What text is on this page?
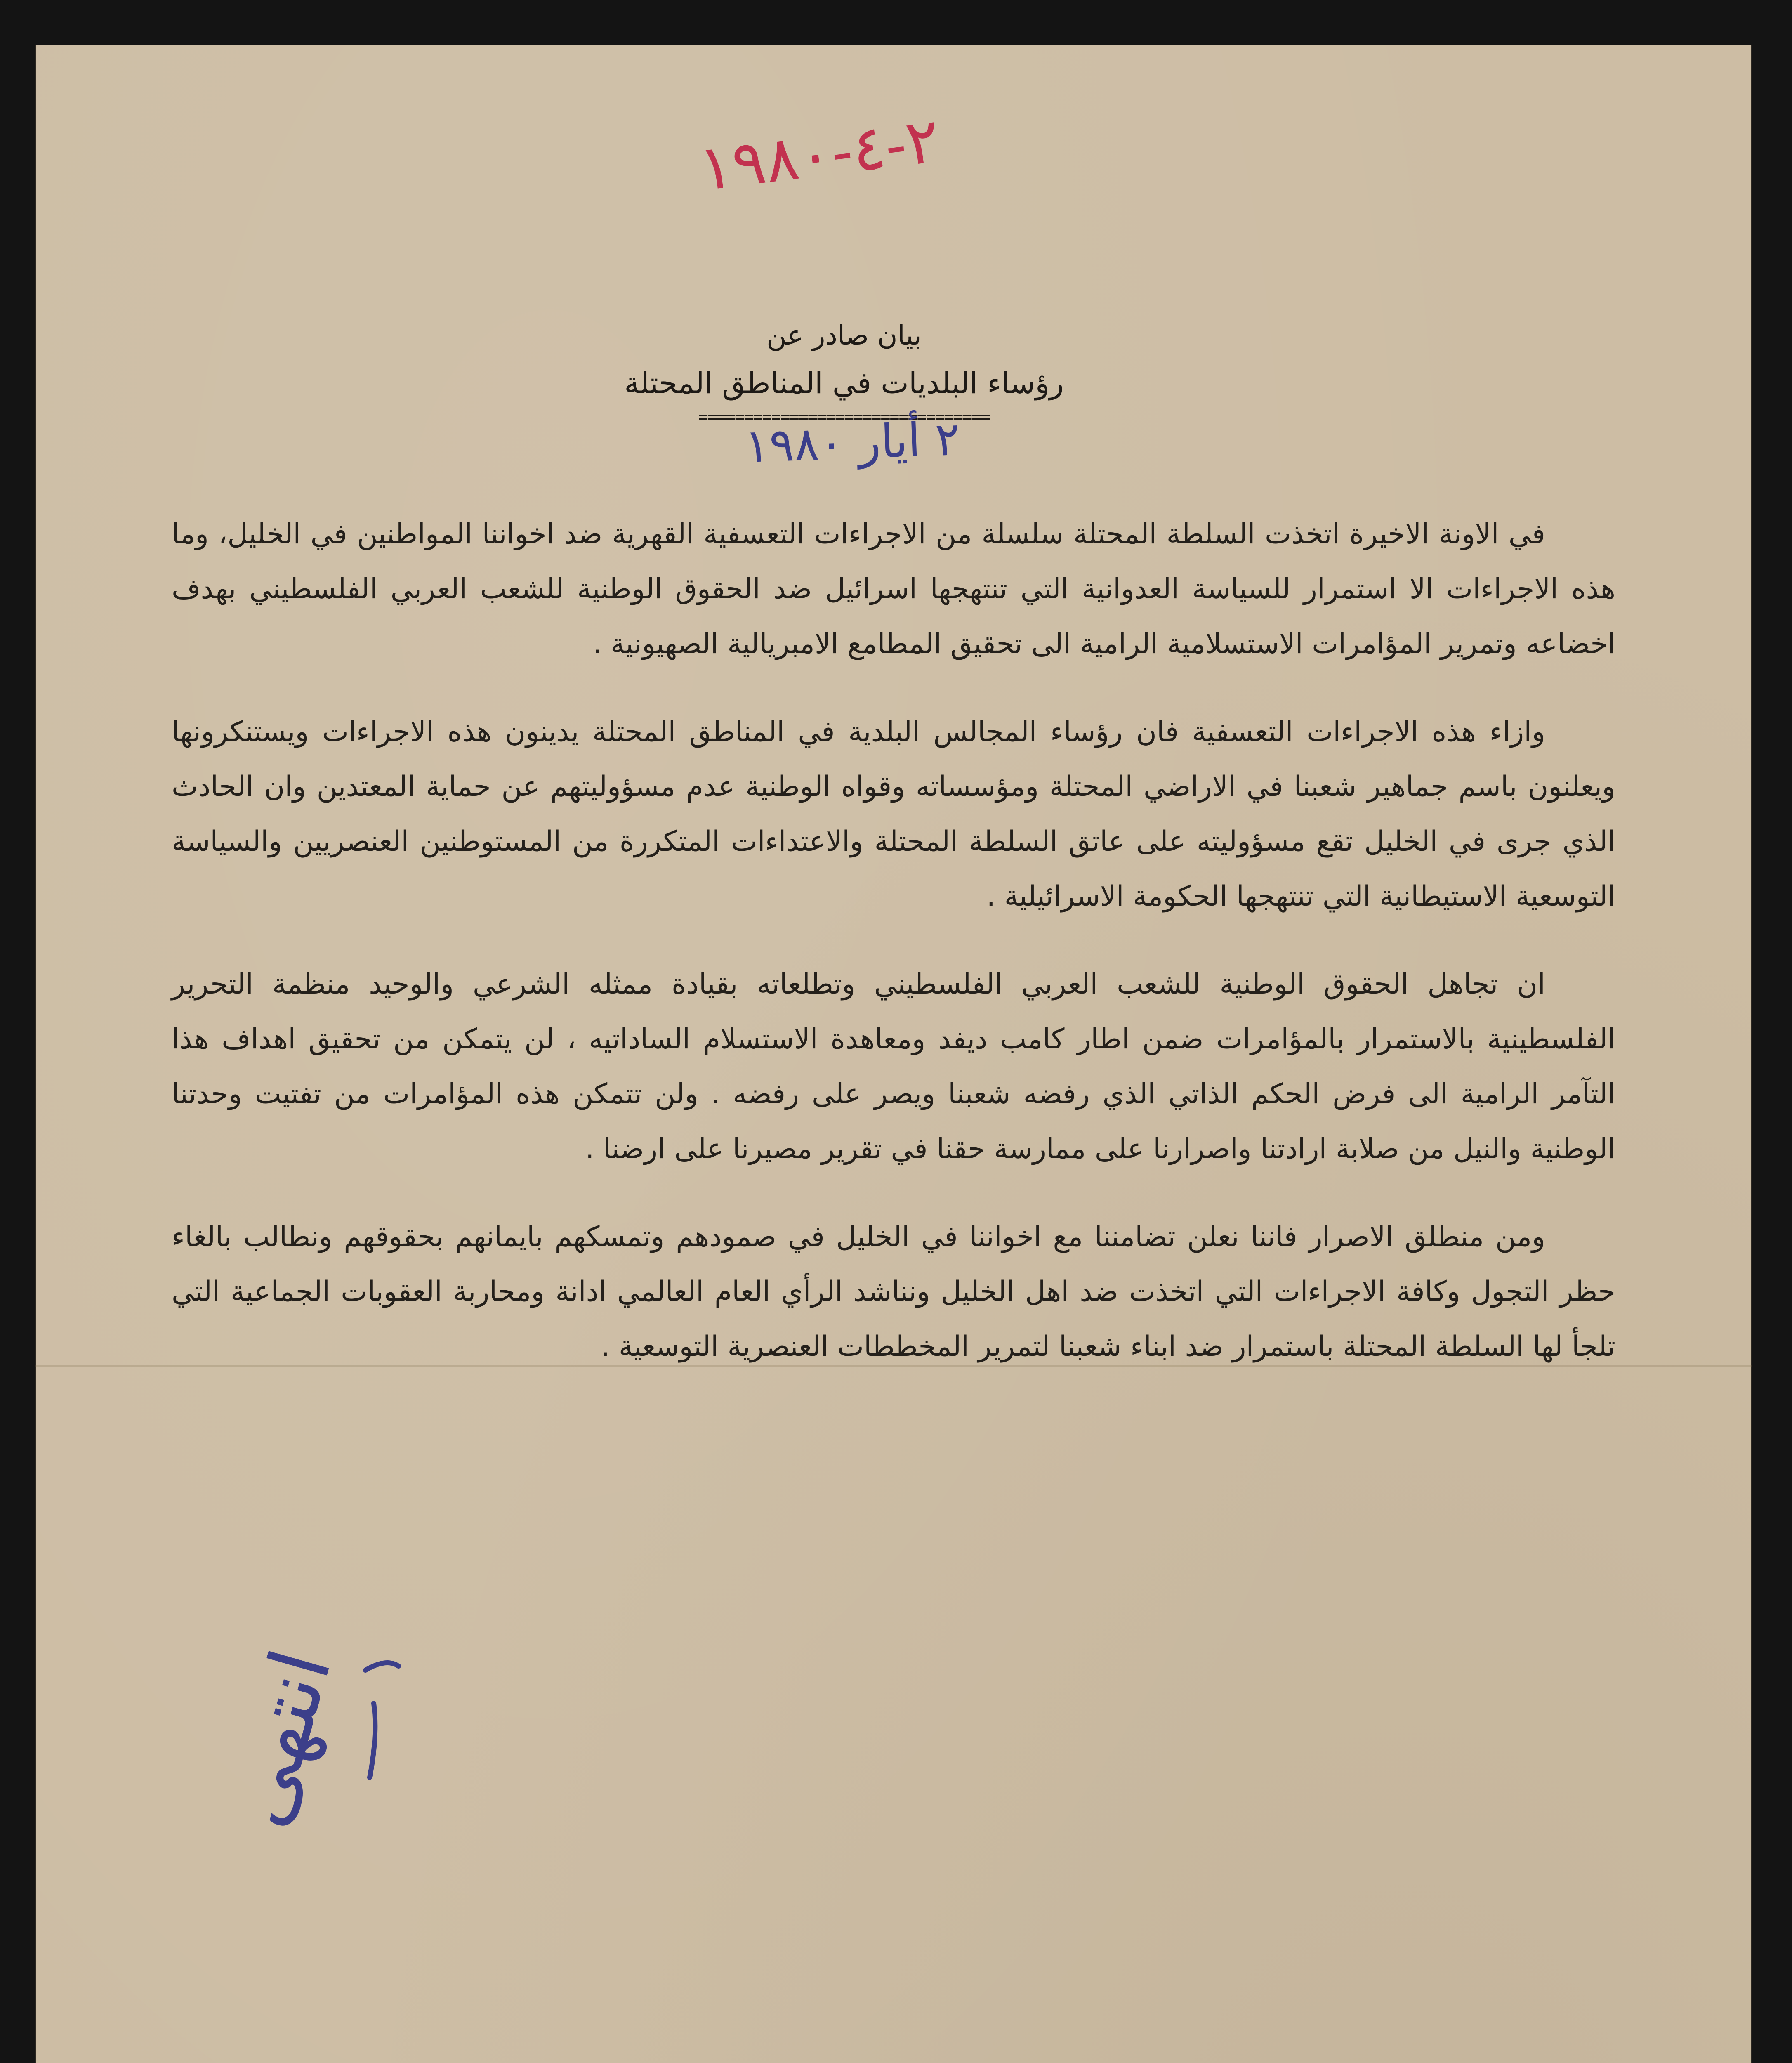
٢-٤-١٩٨٠
بيان صادر عن
رؤساء البلديات في المناطق المحتلة
================================
٢ أيار ١٩٨٠

في الاونة الاخيرة اتخذت السلطة المحتلة سلسلة من الاجراءات التعسفية القهرية ضد اخواننا المواطنين في الخليل، وما هذه الاجراءات الا استمرار للسياسة العدوانية التي تنتهجها اسرائيل ضد الحقوق الوطنية للشعب العربي الفلسطيني بهدف اخضاعه وتمرير المؤامرات الاستسلامية الرامية الى تحقيق المطامع الامبريالية الصهيونية .

وازاء هذه الاجراءات التعسفية فان رؤساء المجالس البلدية في المناطق المحتلة يدينون هذه الاجراءات ويستنكرونها ويعلنون باسم جماهير شعبنا في الاراضي المحتلة ومؤسساته وقواه الوطنية عدم مسؤوليتهم عن حماية المعتدين وان الحادث الذي جرى في الخليل تقع مسؤوليته على عاتق السلطة المحتلة والاعتداءات المتكررة من المستوطنين العنصريين والسياسة التوسعية الاستيطانية التي تنتهجها الحكومة الاسرائيلية .

ان تجاهل الحقوق الوطنية للشعب العربي الفلسطيني وتطلعاته بقيادة ممثله الشرعي والوحيد منظمة التحرير الفلسطينية بالاستمرار بالمؤامرات ضمن اطار كامب ديفد ومعاهدة الاستسلام الساداتيه ، لن يتمكن من تحقيق اهداف هذا التآمر الرامية الى فرض الحكم الذاتي الذي رفضه شعبنا ويصر على رفضه . ولن تتمكن هذه المؤامرات من تفتيت وحدتنا الوطنية والنيل من صلابة ارادتنا واصرارنا على ممارسة حقنا في تقرير مصيرنا على ارضنا .

ومن منطلق الاصرار فاننا نعلن تضامننا مع اخواننا في الخليل في صمودهم وتمسكهم بايمانهم بحقوقهم ونطالب بالغاء حظر التجول وكافة الاجراءات التي اتخذت ضد اهل الخليل ونناشد الرأي العام العالمي ادانة ومحاربة العقوبات الجماعية التي تلجأ لها السلطة المحتلة باستمرار ضد ابناء شعبنا لتمرير المخططات العنصرية التوسعية .

انتهى
